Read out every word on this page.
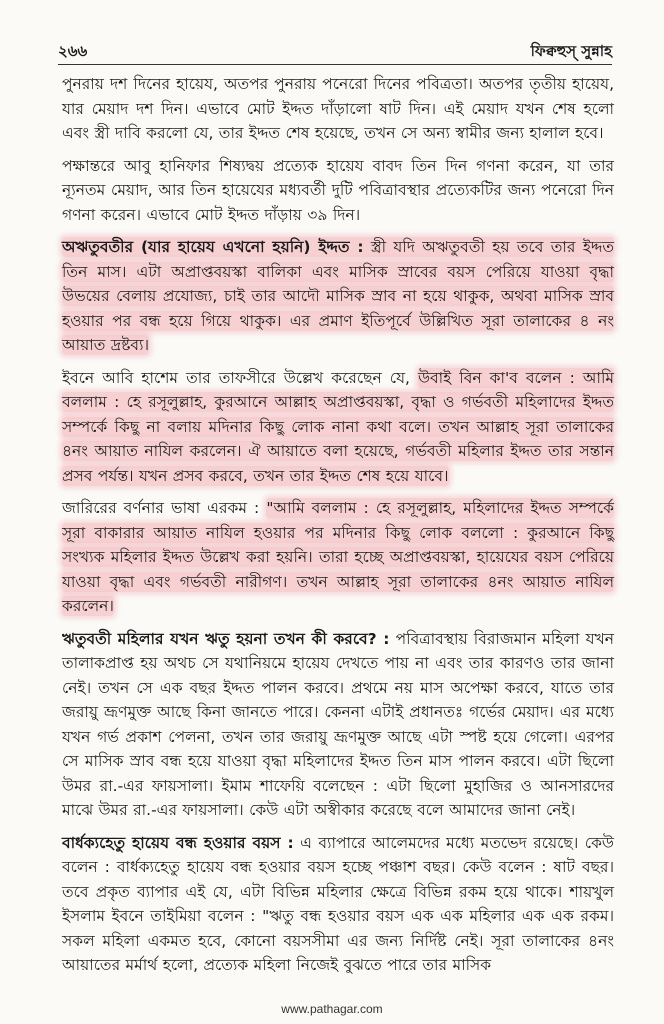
২৬৬	ফিক্বহুস্ সুন্নাহ

পুনরায় দশ দিনের হায়েয, অতপর পুনরায় পনেরো দিনের পবিত্রতা। অতপর তৃতীয় হায়েয, যার মেয়াদ দশ দিন। এভাবে মোট ইদ্দত দাঁড়ালো ষাট দিন। এই মেয়াদ যখন শেষ হলো এবং স্ত্রী দাবি করলো যে, তার ইদ্দত শেষ হয়েছে, তখন সে অন্য স্বামীর জন্য হালাল হবে।

পক্ষান্তরে আবু হানিফার শিষ্যদ্বয় প্রত্যেক হায়েয বাবদ তিন দিন গণনা করেন, যা তার ন্যূনতম মেয়াদ, আর তিন হায়েযের মধ্যবর্তী দুটি পবিত্রাবস্থার প্রত্যেকটির জন্য পনেরো দিন গণনা করেন। এভাবে মোট ইদ্দত দাঁড়ায় ৩৯ দিন।

অঋতুবতীর (যার হায়েয এখনো হয়নি) ইদ্দত : স্ত্রী যদি অঋতুবতী হয় তবে তার ইদ্দত তিন মাস। এটা অপ্রাপ্তবয়স্কা বালিকা এবং মাসিক স্রাবের বয়স পেরিয়ে যাওয়া বৃদ্ধা উভয়ের বেলায় প্রযোজ্য, চাই তার আদৌ মাসিক স্রাব না হয়ে থাকুক, অথবা মাসিক স্রাব হওয়ার পর বন্ধ হয়ে গিয়ে থাকুক। এর প্রমাণ ইতিপূর্বে উল্লিখিত সূরা তালাকের ৪ নং আয়াত দ্রষ্টব্য।

ইবনে আবি হাশেম তার তাফসীরে উল্লেখ করেছেন যে, উবাই বিন কা'ব বলেন : আমি বললাম : হে রসূলুল্লাহ, কুরআনে আল্লাহ অপ্রাপ্তবয়স্কা, বৃদ্ধা ও গর্ভবতী মহিলাদের ইদ্দত সম্পর্কে কিছু না বলায় মদিনার কিছু লোক নানা কথা বলে। তখন আল্লাহ সূরা তালাকের ৪নং আয়াত নাযিল করলেন। ঐ আয়াতে বলা হয়েছে, গর্ভবতী মহিলার ইদ্দত তার সন্তান প্রসব পর্যন্ত। যখন প্রসব করবে, তখন তার ইদ্দত শেষ হয়ে যাবে।

জারিরের বর্ণনার ভাষা এরকম : "আমি বললাম : হে রসূলুল্লাহ, মহিলাদের ইদ্দত সম্পর্কে সূরা বাকারার আয়াত নাযিল হওয়ার পর মদিনার কিছু লোক বললো : কুরআনে কিছু সংখ্যক মহিলার ইদ্দত উল্লেখ করা হয়নি। তারা হচ্ছে অপ্রাপ্তবয়স্কা, হায়েযের বয়স পেরিয়ে যাওয়া বৃদ্ধা এবং গর্ভবতী নারীগণ। তখন আল্লাহ সূরা তালাকের ৪নং আয়াত নাযিল করলেন।

ঋতুবতী মহিলার যখন ঋতু হয়না তখন কী করবে? : পবিত্রাবস্থায় বিরাজমান মহিলা যখন তালাকপ্রাপ্ত হয় অথচ সে যথানিয়মে হায়েয দেখতে পায় না এবং তার কারণও তার জানা নেই। তখন সে এক বছর ইদ্দত পালন করবে। প্রথমে নয় মাস অপেক্ষা করবে, যাতে তার জরায়ু ভ্রূণমুক্ত আছে কিনা জানতে পারে। কেননা এটাই প্রধানতঃ গর্ভের মেয়াদ। এর মধ্যে যখন গর্ভ প্রকাশ পেলনা, তখন তার জরায়ু ভ্রূণমুক্ত আছে এটা স্পষ্ট হয়ে গেলো। এরপর সে মাসিক স্রাব বন্ধ হয়ে যাওয়া বৃদ্ধা মহিলাদের ইদ্দত তিন মাস পালন করবে। এটা ছিলো উমর রা.-এর ফায়সালা। ইমাম শাফেয়ি বলেছেন : এটা ছিলো মুহাজির ও আনসারদের মাঝে উমর রা.-এর ফায়সালা। কেউ এটা অস্বীকার করেছে বলে আমাদের জানা নেই।

বার্ধক্যহেতু হায়েয বন্ধ হওয়ার বয়স : এ ব্যাপারে আলেমদের মধ্যে মতভেদ রয়েছে। কেউ বলেন : বার্ধক্যহেতু হায়েয বন্ধ হওয়ার বয়স হচ্ছে পঞ্চাশ বছর। কেউ বলেন : ষাট বছর। তবে প্রকৃত ব্যাপার এই যে, এটা বিভিন্ন মহিলার ক্ষেত্রে বিভিন্ন রকম হয়ে থাকে। শায়খুল ইসলাম ইবনে তাইমিয়া বলেন : "ঋতু বন্ধ হওয়ার বয়স এক এক মহিলার এক এক রকম। সকল মহিলা একমত হবে, কোনো বয়সসীমা এর জন্য নির্দিষ্ট নেই। সূরা তালাকের ৪নং আয়াতের মর্মার্থ হলো, প্রত্যেক মহিলা নিজেই বুঝতে পারে তার মাসিক

www.pathagar.com
